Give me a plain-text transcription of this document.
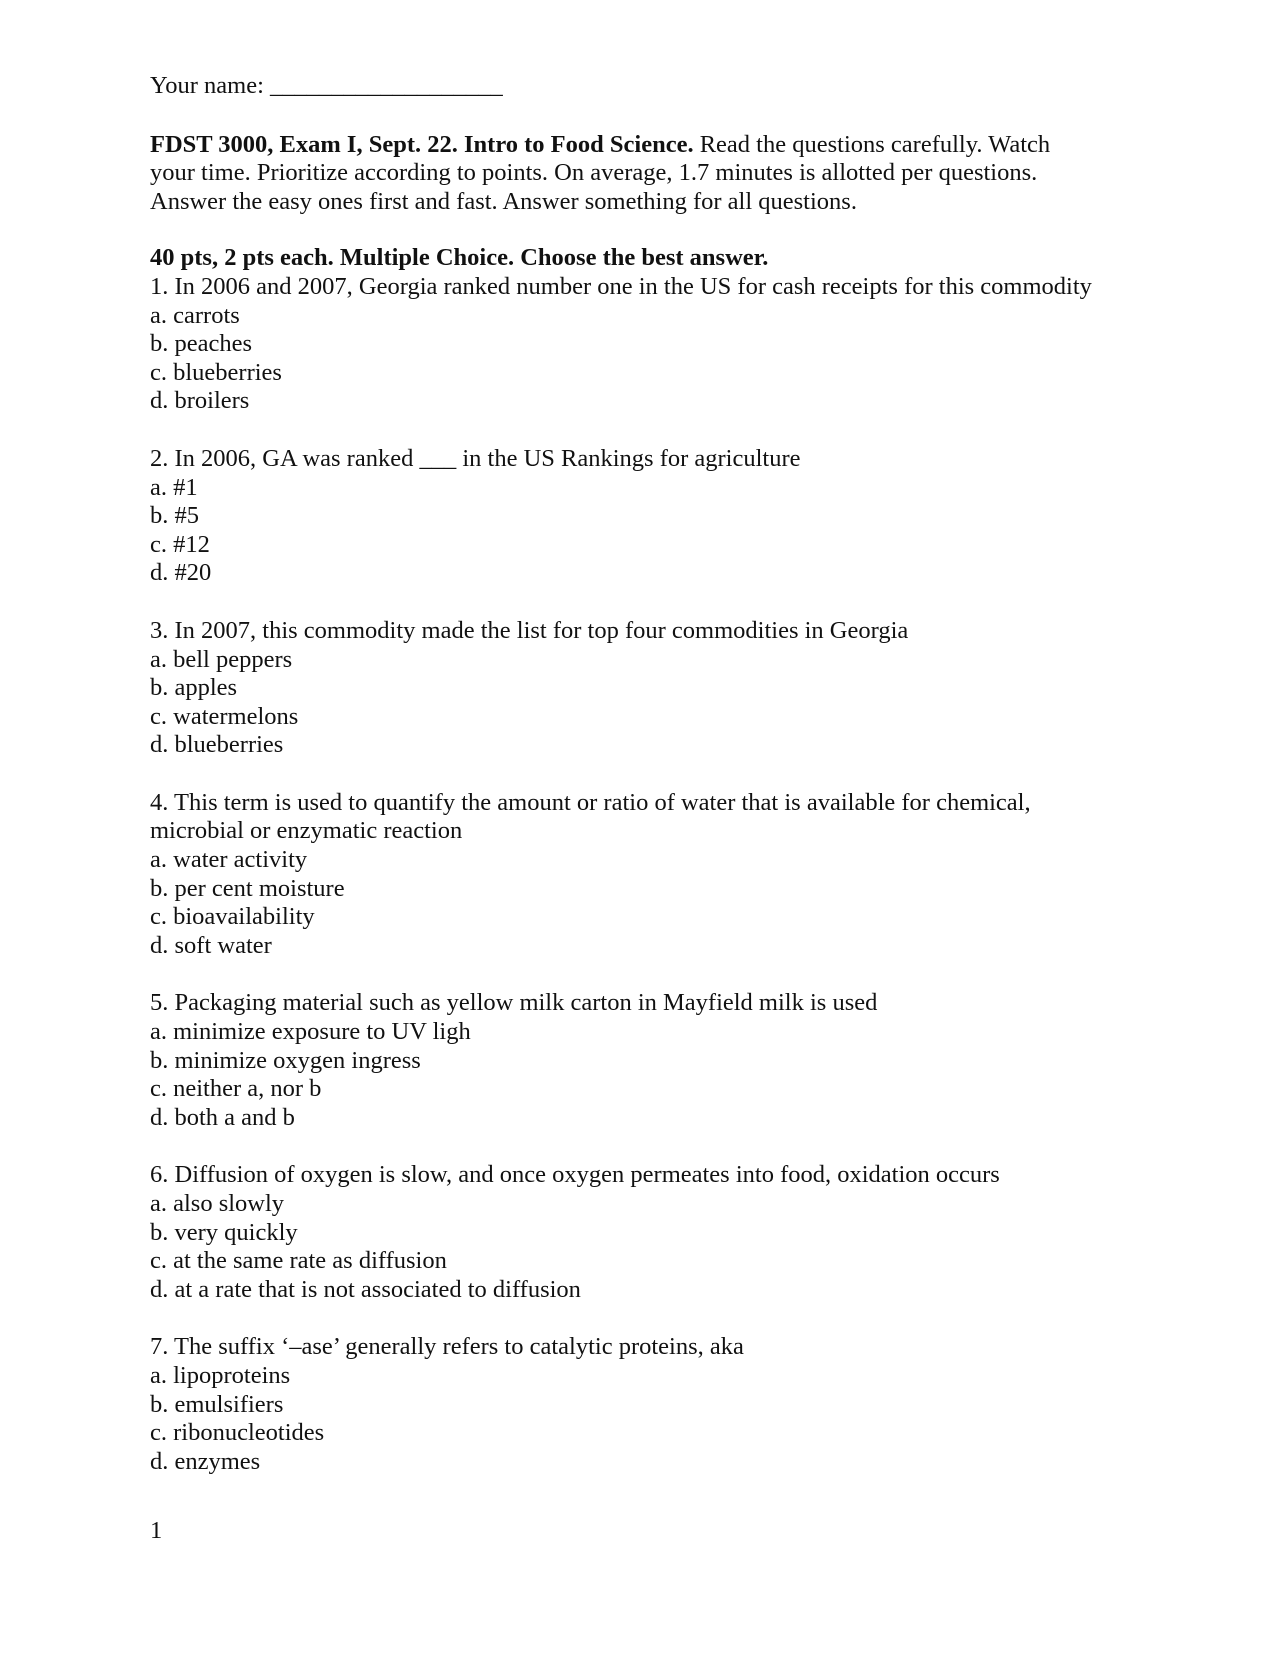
Your name: ___________________
FDST 3000, Exam I, Sept. 22. Intro to Food Science. Read the questions carefully. Watch
your time. Prioritize according to points. On average, 1.7 minutes is allotted per questions.
Answer the easy ones first and fast. Answer something for all questions.
40 pts, 2 pts each. Multiple Choice. Choose the best answer.
1. In 2006 and 2007, Georgia ranked number one in the US for cash receipts for this commodity
a. carrots
b. peaches
c. blueberries
d. broilers
2. In 2006, GA was ranked ___ in the US Rankings for agriculture
a. #1
b. #5
c. #12
d. #20
3. In 2007, this commodity made the list for top four commodities in Georgia
a. bell peppers
b. apples
c. watermelons
d. blueberries
4. This term is used to quantify the amount or ratio of water that is available for chemical,
microbial or enzymatic reaction
a. water activity
b. per cent moisture
c. bioavailability
d. soft water
5. Packaging material such as yellow milk carton in Mayfield milk is used
a. minimize exposure to UV ligh
b. minimize oxygen ingress
c. neither a, nor b
d. both a and b
6. Diffusion of oxygen is slow, and once oxygen permeates into food, oxidation occurs
a. also slowly
b. very quickly
c. at the same rate as diffusion
d. at a rate that is not associated to diffusion
7. The suffix ‘–ase’ generally refers to catalytic proteins, aka
a. lipoproteins
b. emulsifiers
c. ribonucleotides
d. enzymes
1
